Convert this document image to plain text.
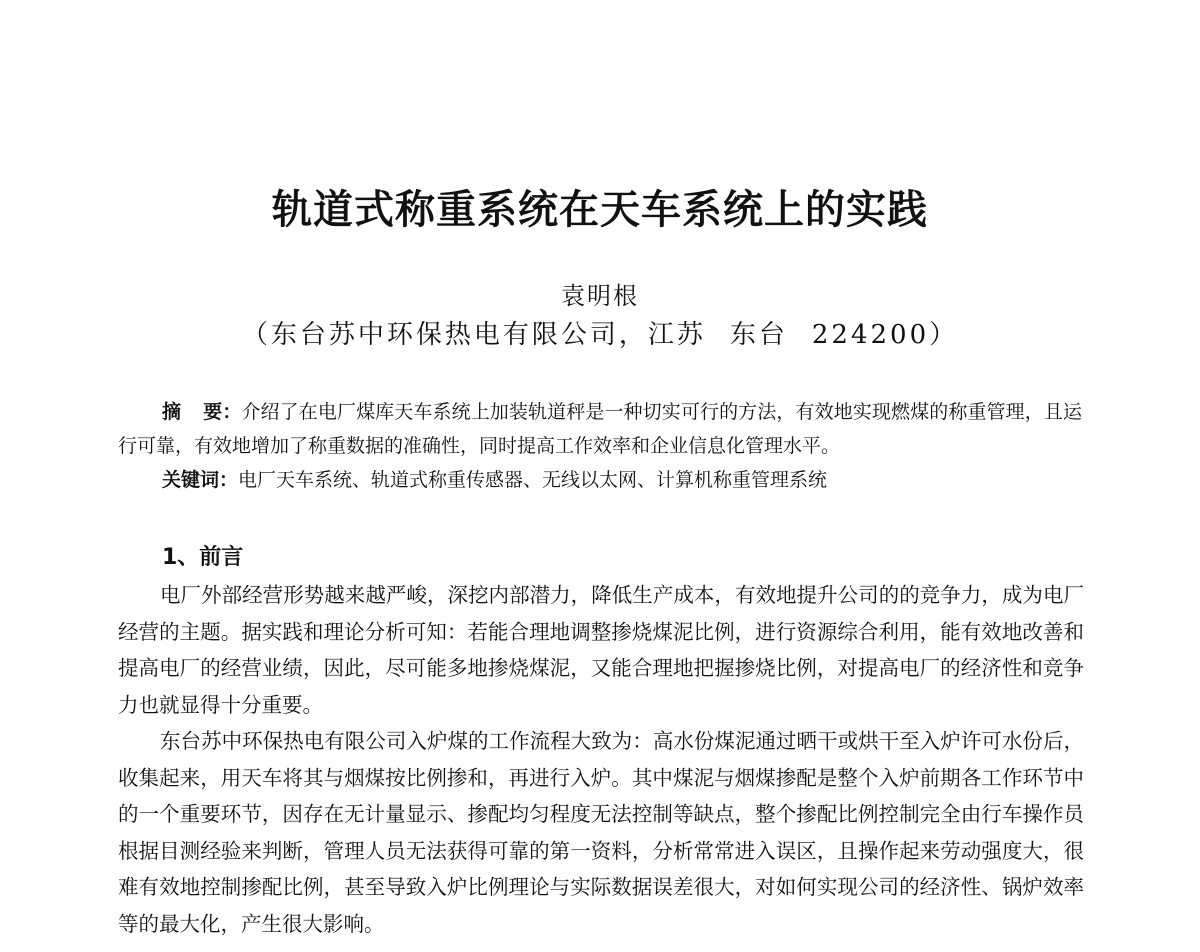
轨道式称重系统在天车系统上的实践
袁明根
（东台苏中环保热电有限公司，江苏 东台 224200）

摘 要：介绍了在电厂煤库天车系统上加装轨道秤是一种切实可行的方法，有效地实现燃煤的称重管理，且运行可靠，有效地增加了称重数据的准确性，同时提高工作效率和企业信息化管理水平。

关键词：电厂天车系统、轨道式称重传感器、无线以太网、计算机称重管理系统

1、前言

电厂外部经营形势越来越严峻，深挖内部潜力，降低生产成本，有效地提升公司的的竞争力，成为电厂经营的主题。据实践和理论分析可知：若能合理地调整掺烧煤泥比例，进行资源综合利用，能有效地改善和提高电厂的经营业绩，因此，尽可能多地掺烧煤泥，又能合理地把握掺烧比例，对提高电厂的经济性和竞争力也就显得十分重要。

东台苏中环保热电有限公司入炉煤的工作流程大致为：高水份煤泥通过晒干或烘干至入炉许可水份后，收集起来，用天车将其与烟煤按比例掺和，再进行入炉。其中煤泥与烟煤掺配是整个入炉前期各工作环节中的一个重要环节，因存在无计量显示、掺配均匀程度无法控制等缺点，整个掺配比例控制完全由行车操作员根据目测经验来判断，管理人员无法获得可靠的第一资料，分析常常进入误区，且操作起来劳动强度大，很难有效地控制掺配比例，甚至导致入炉比例理论与实际数据误差很大，对如何实现公司的经济性、锅炉效率等的最大化，产生很大影响。
